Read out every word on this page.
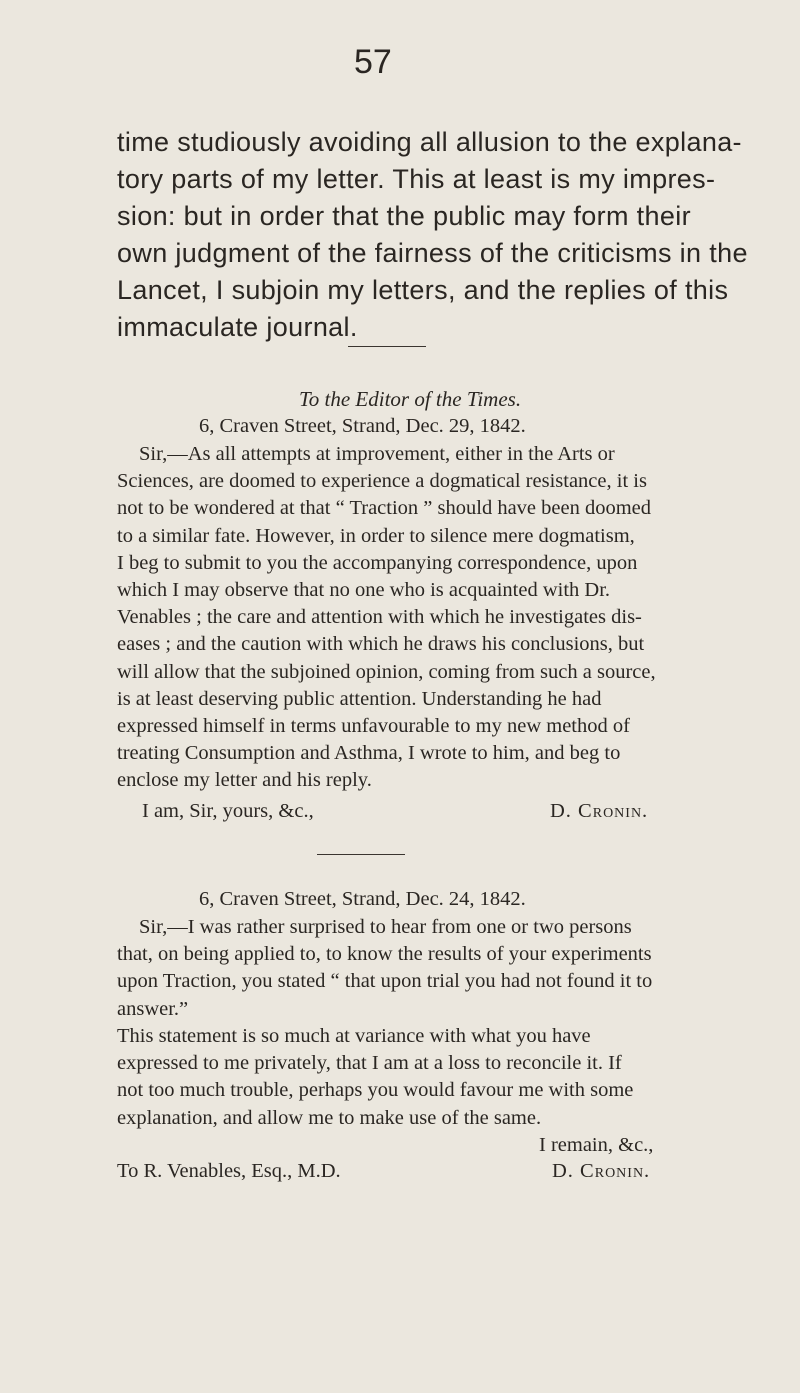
57
time studiously avoiding all allusion to the explana-
tory parts of my letter. This at least is my impres-
sion: but in order that the public may form their
own judgment of the fairness of the criticisms in the
Lancet, I subjoin my letters, and the replies of this
immaculate journal.
To the Editor of the Times.
6, Craven Street, Strand, Dec. 29, 1842.
Sir,—As all attempts at improvement, either in the Arts or
Sciences, are doomed to experience a dogmatical resistance, it is
not to be wondered at that “ Traction ” should have been doomed
to a similar fate. However, in order to silence mere dogmatism,
I beg to submit to you the accompanying correspondence, upon
which I may observe that no one who is acquainted with Dr.
Venables ; the care and attention with which he investigates dis-
eases ; and the caution with which he draws his conclusions, but
will allow that the subjoined opinion, coming from such a source,
is at least deserving public attention. Understanding he had
expressed himself in terms unfavourable to my new method of
treating Consumption and Asthma, I wrote to him, and beg to
enclose my letter and his reply.
I am, Sir, yours, &c.,	D. Cronin.
6, Craven Street, Strand, Dec. 24, 1842.
Sir,—I was rather surprised to hear from one or two persons
that, on being applied to, to know the results of your experiments
upon Traction, you stated “ that upon trial you had not found it to
answer.”
This statement is so much at variance with what you have
expressed to me privately, that I am at a loss to reconcile it. If
not too much trouble, perhaps you would favour me with some
explanation, and allow me to make use of the same.
I remain, &c.,
To R. Venables, Esq., M.D.	D. Cronin.
